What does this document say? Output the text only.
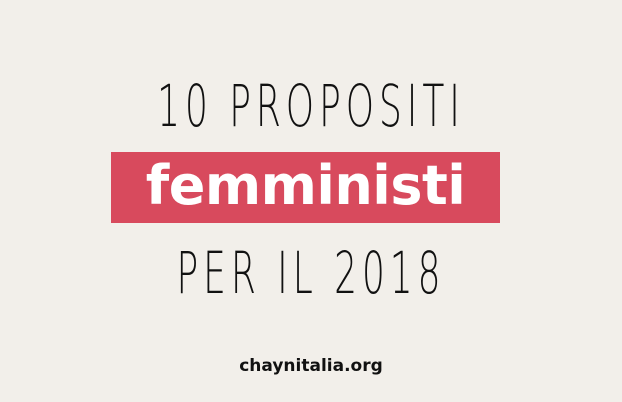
10 PROPOSITI
femministi
PER IL 2018
chaynitalia.org
